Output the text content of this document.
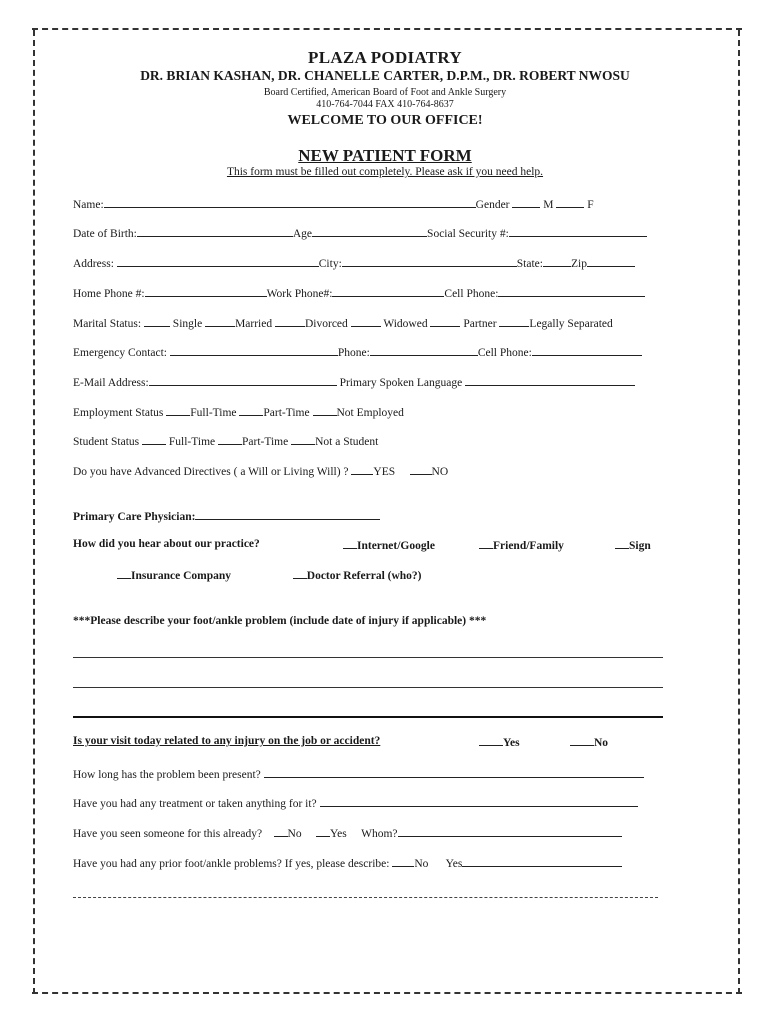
PLAZA PODIATRY
DR. BRIAN KASHAN, DR. CHANELLE CARTER, D.P.M., DR. ROBERT NWOSU
Board Certified, American Board of Foot and Ankle Surgery
410-764-7044 FAX 410-764-8637
WELCOME TO OUR OFFICE!
NEW PATIENT FORM
This form must be filled out completely. Please ask if you need help.
Name:	Gender	M	F
Date of Birth:	Age	Social Security #:
Address:	City:	State: Zip
Home Phone #:	Work Phone#:	Cell Phone:
Marital Status:	Single	Married	Divorced	Widowed	Partner	Legally Separated
Emergency Contact:	Phone:	Cell Phone:
E-Mail Address:	Primary Spoken Language
Employment Status Full-Time Part-Time Not Employed
Student Status	Full-Time Part-Time Not a Student
Do you have Advanced Directives ( a Will or Living Will) ? YES	NO
Primary Care Physician:
How did you hear about our practice?	Internet/Google	Friend/Family	Sign
Insurance Company	Doctor Referral (who?)
***Please describe your foot/ankle problem (include date of injury if applicable) ***
Is your visit today related to any injury on the job or accident?	Yes	No
How long has the problem been present?
Have you had any treatment or taken anything for it?
Have you seen someone for this already? No Yes Whom?
Have you had any prior foot/ankle problems? If yes, please describe: No Yes
